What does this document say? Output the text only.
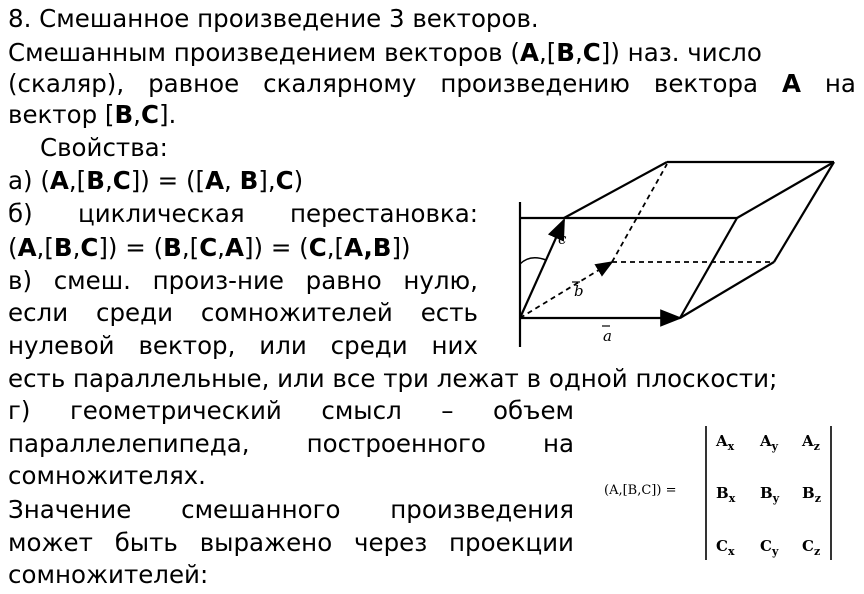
8. Смешанное произведение 3 векторов.
Смешанным произведением векторов (A,[B,C]) наз. число
(скаляр), равное скалярному произведению вектора A на
вектор [B,C].
Свойства:
а) (A,[B,C]) = ([A, B],C)
б) циклическая перестановка:
(A,[B,C]) = (B,[C,A]) = (C,[A,B])
в) смеш. произ-ние равно нулю,
если среди сомножителей есть
нулевой вектор, или среди них
есть параллельные, или все три лежат в одной плоскости;
г) геометрический смысл – объем
параллелепипеда, построенного на
сомножителях.
Значение смешанного произведения
может быть выражено через проекции
сомножителей:
c
b
a
(A,[B,C]) =
$A_x$ $A_y$ $A_z$
$B_x$ $B_y$ $B_z$
$C_x$ $C_y$ $C_z$
